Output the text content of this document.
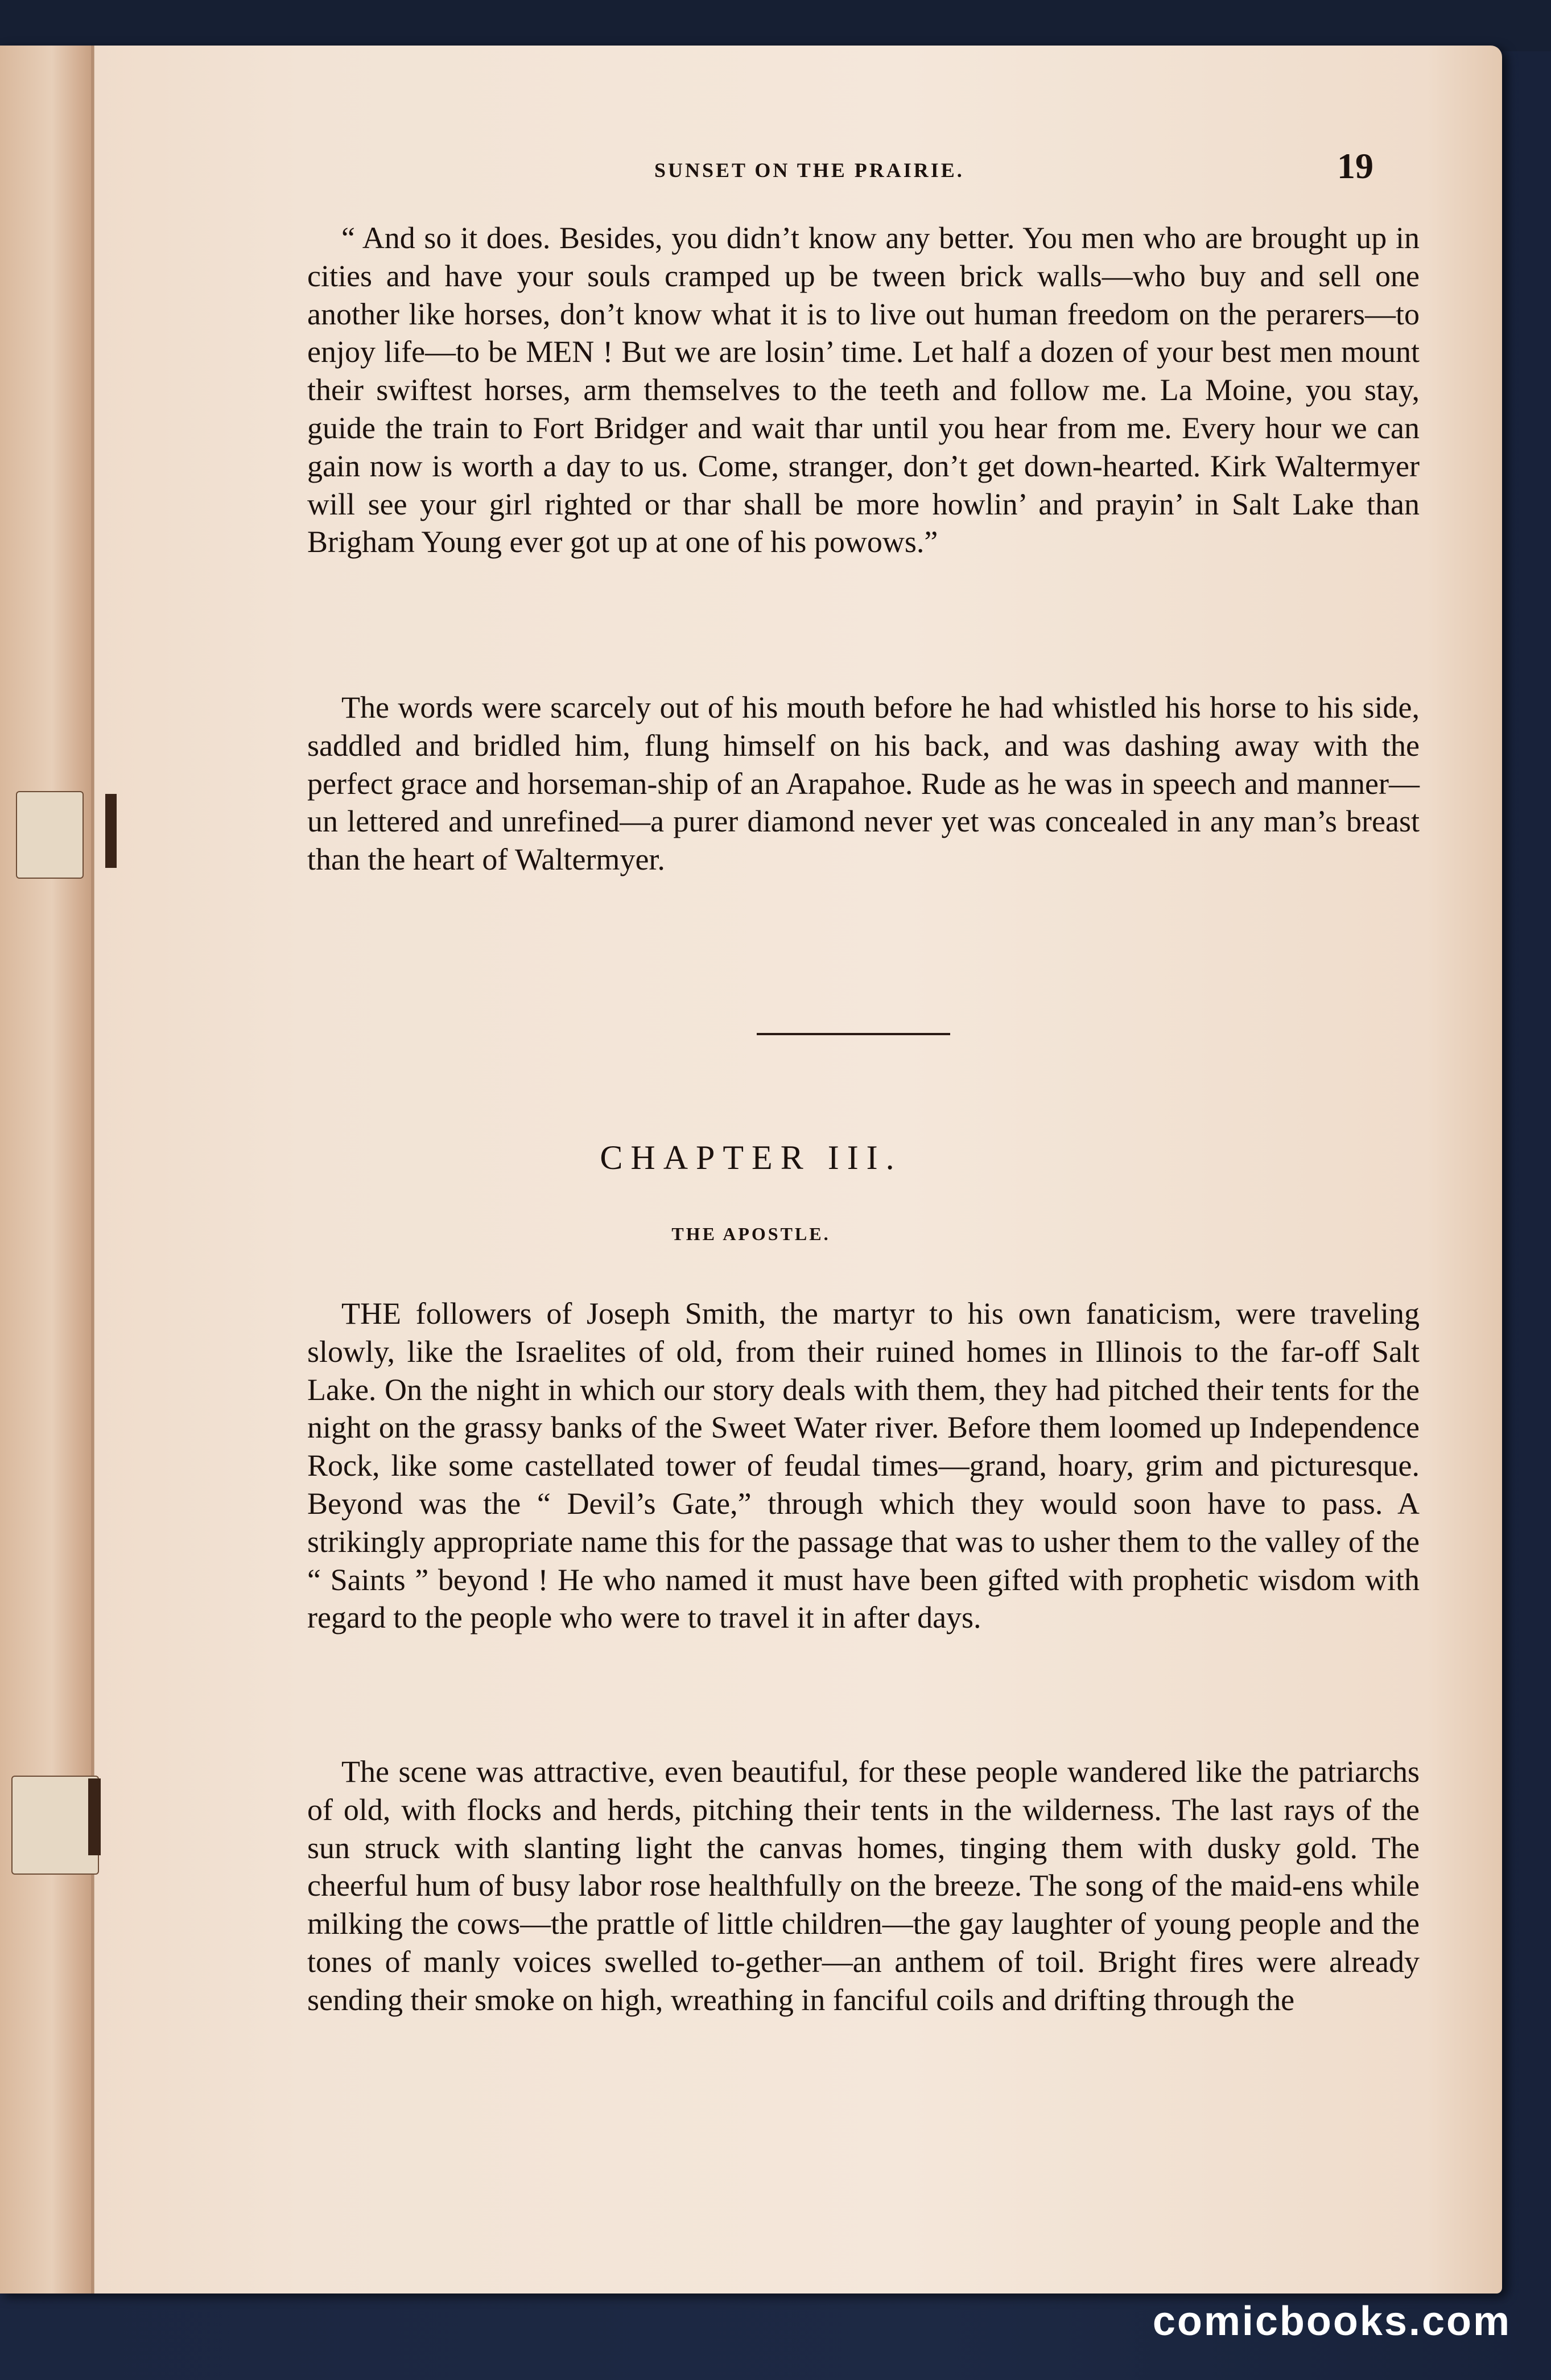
SUNSET ON THE PRAIRIE.	19

“ And so it does. Besides, you didn’t know any better. You men who are brought up in cities and have your souls cramped up be tween brick walls—who buy and sell one another like horses, don’t know what it is to live out human freedom on the perarers—to enjoy life—to be MEN ! But we are losin’ time. Let half a dozen of your best men mount their swiftest horses, arm themselves to the teeth and follow me. La Moine, you stay, guide the train to Fort Bridger and wait thar until you hear from me. Every hour we can gain now is worth a day to us. Come, stranger, don’t get down-hearted. Kirk Waltermyer will see your girl righted or thar shall be more howlin’ and prayin’ in Salt Lake than Brigham Young ever got up at one of his powows.”

The words were scarcely out of his mouth before he had whistled his horse to his side, saddled and bridled him, flung himself on his back, and was dashing away with the perfect grace and horseman-ship of an Arapahoe. Rude as he was in speech and manner—un lettered and unrefined—a purer diamond never yet was concealed in any man’s breast than the heart of Waltermyer.

CHAPTER III.
THE APOSTLE.

THE followers of Joseph Smith, the martyr to his own fanaticism, were traveling slowly, like the Israelites of old, from their ruined homes in Illinois to the far-off Salt Lake. On the night in which our story deals with them, they had pitched their tents for the night on the grassy banks of the Sweet Water river. Before them loomed up Independence Rock, like some castellated tower of feudal times—grand, hoary, grim and picturesque. Beyond was the “ Devil’s Gate,” through which they would soon have to pass. A strikingly appropriate name this for the passage that was to usher them to the valley of the “ Saints ” beyond ! He who named it must have been gifted with prophetic wisdom with regard to the people who were to travel it in after days.

The scene was attractive, even beautiful, for these people wandered like the patriarchs of old, with flocks and herds, pitching their tents in the wilderness. The last rays of the sun struck with slanting light the canvas homes, tinging them with dusky gold. The cheerful hum of busy labor rose healthfully on the breeze. The song of the maid-ens while milking the cows—the prattle of little children—the gay laughter of young people and the tones of manly voices swelled to-gether—an anthem of toil. Bright fires were already sending their smoke on high, wreathing in fanciful coils and drifting through the

comicbooks.com
